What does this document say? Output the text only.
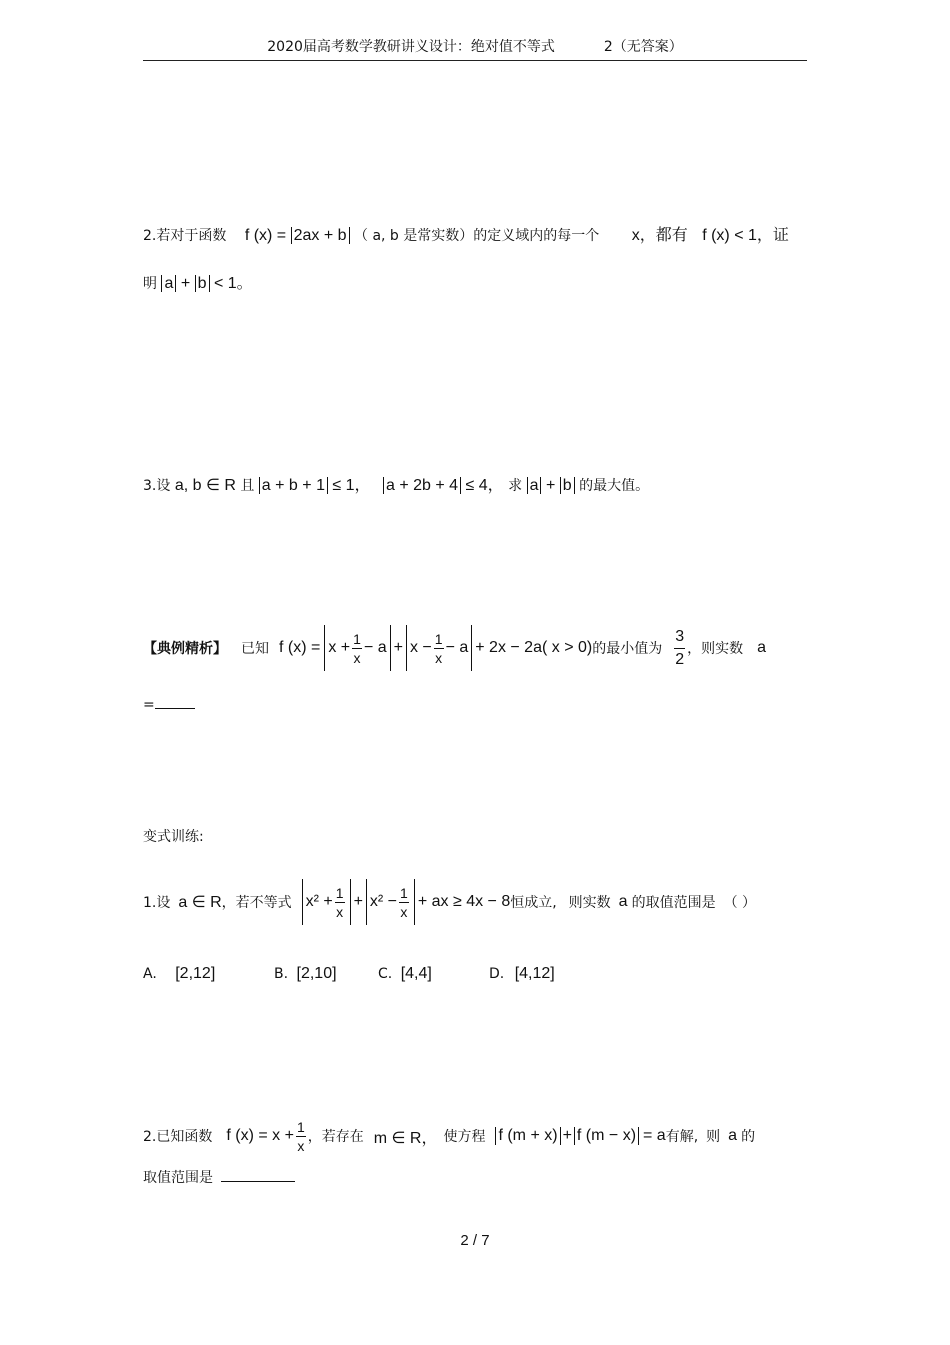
2020届高考数学教研讲义设计：绝对值不等式	2（无答案）
2.若对于函数 f (x) = 2ax + b （ a, b 是常实数）的定义域内的每一个 x，都有 f (x) < 1，证
明 a + b < 1。
3.设 a, b ∈ R 且 a + b + 1 ≤ 1， a + 2b + 4 ≤ 4， 求 a + b 的最大值。
【典例精析】 已知 f $(x) = x + \frac{1}{x} - a + x - \frac{1}{x} - a + 2x - 2a$( x > 0) 的最小值为 $\frac{3}{2}$ ，则实数 a
=
变式训练:
1.设 a ∈ R ，若不等式 $x^2 + \frac{1}{x} + x^2 - \frac{1}{x}$ + ax ≥ 4x − 8 恒成立, 则实数 a 的取值范围是 （ ）
A. [2,12]	B. [2,10]	C. [4,4]	D. [4,12]
2.已知函数 f $(x) = x + \frac{1}{x}$ ，若存在 m ∈ R， 使方程 f (m + x) + f (m − x) = a 有解, 则 a 的
取值范围是
2 / 7
